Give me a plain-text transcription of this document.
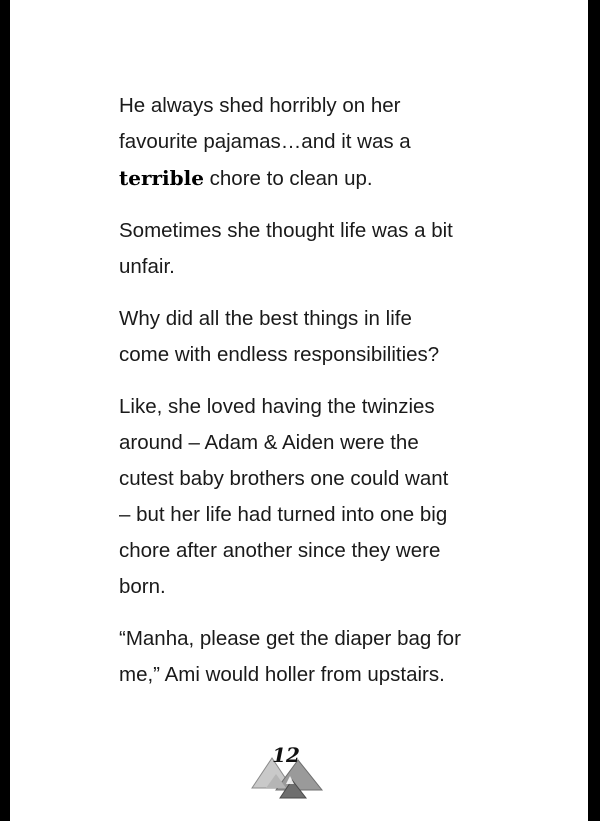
He always shed horribly on her
favourite pajamas…and it was a
terrible chore to clean up.

Sometimes she thought life was a bit
unfair.

Why did all the best things in life
come with endless responsibilities?

Like, she loved having the twinzies
around – Adam & Aiden were the
cutest baby brothers one could want
– but her life had turned into one big
chore after another since they were
born.

“Manha, please get the diaper bag for
me,” Ami would holler from upstairs.

12
